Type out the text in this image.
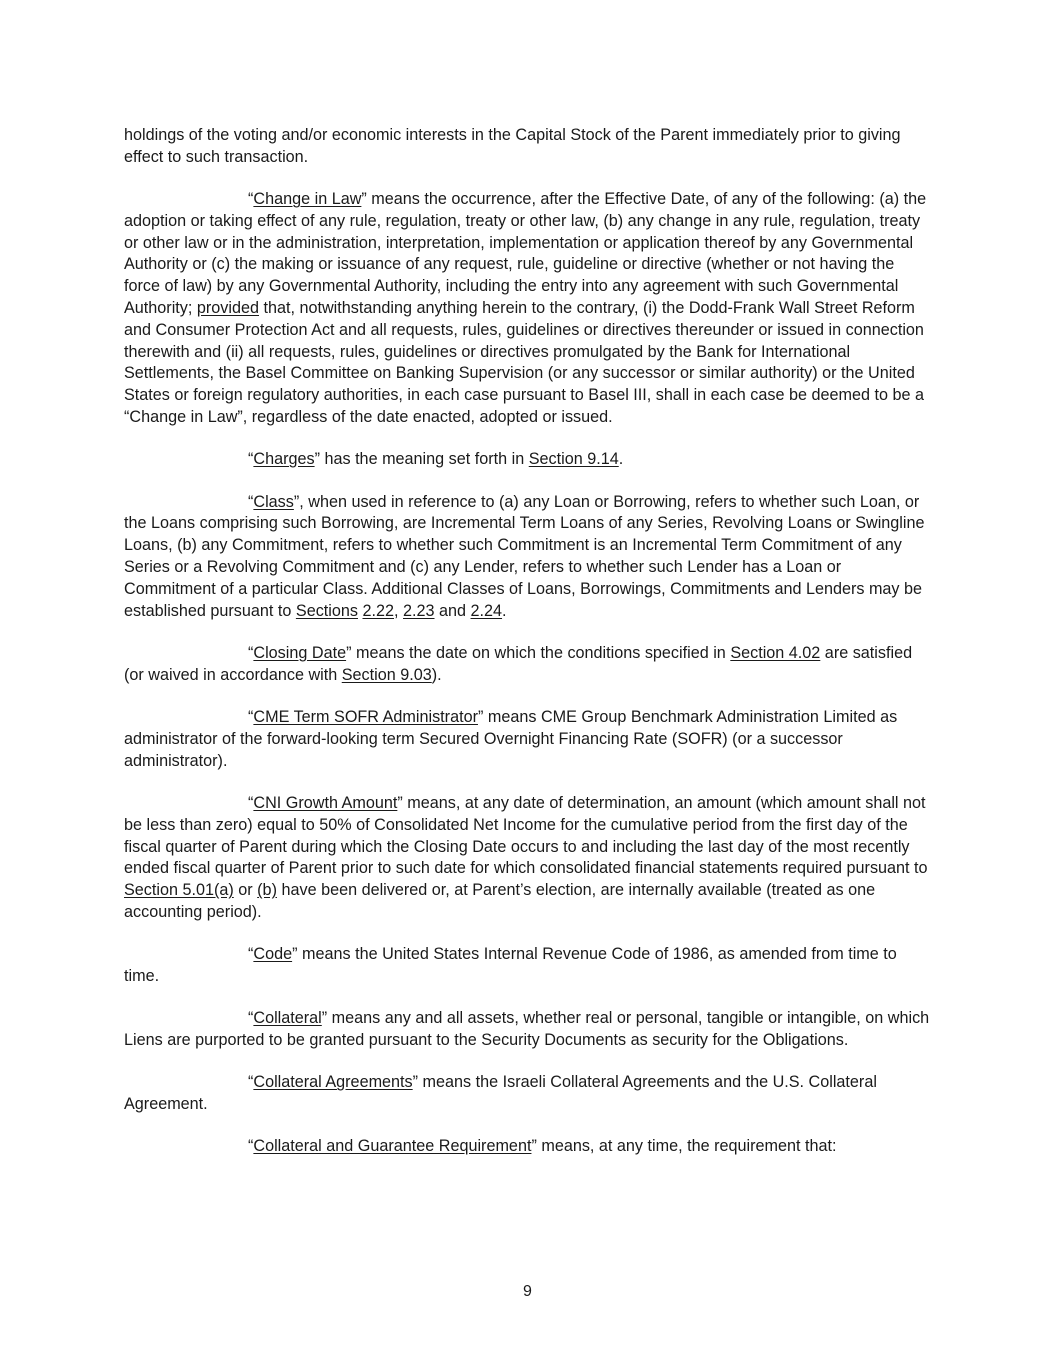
holdings of the voting and/or economic interests in the Capital Stock of the Parent immediately prior to giving effect to such transaction.

“Change in Law” means the occurrence, after the Effective Date, of any of the following: (a) the adoption or taking effect of any rule, regulation, treaty or other law, (b) any change in any rule, regulation, treaty or other law or in the administration, interpretation, implementation or application thereof by any Governmental Authority or (c) the making or issuance of any request, rule, guideline or directive (whether or not having the force of law) by any Governmental Authority, including the entry into any agreement with such Governmental Authority; provided that, notwithstanding anything herein to the contrary, (i) the Dodd-Frank Wall Street Reform and Consumer Protection Act and all requests, rules, guidelines or directives thereunder or issued in connection therewith and (ii) all requests, rules, guidelines or directives promulgated by the Bank for International Settlements, the Basel Committee on Banking Supervision (or any successor or similar authority) or the United States or foreign regulatory authorities, in each case pursuant to Basel III, shall in each case be deemed to be a “Change in Law”, regardless of the date enacted, adopted or issued.

“Charges” has the meaning set forth in Section 9.14.

“Class”, when used in reference to (a) any Loan or Borrowing, refers to whether such Loan, or the Loans comprising such Borrowing, are Incremental Term Loans of any Series, Revolving Loans or Swingline Loans, (b) any Commitment, refers to whether such Commitment is an Incremental Term Commitment of any Series or a Revolving Commitment and (c) any Lender, refers to whether such Lender has a Loan or Commitment of a particular Class. Additional Classes of Loans, Borrowings, Commitments and Lenders may be established pursuant to Sections 2.22, 2.23 and 2.24.

“Closing Date” means the date on which the conditions specified in Section 4.02 are satisfied (or waived in accordance with Section 9.03).

“CME Term SOFR Administrator” means CME Group Benchmark Administration Limited as administrator of the forward-looking term Secured Overnight Financing Rate (SOFR) (or a successor administrator).

“CNI Growth Amount” means, at any date of determination, an amount (which amount shall not be less than zero) equal to 50% of Consolidated Net Income for the cumulative period from the first day of the fiscal quarter of Parent during which the Closing Date occurs to and including the last day of the most recently ended fiscal quarter of Parent prior to such date for which consolidated financial statements required pursuant to Section 5.01(a) or (b) have been delivered or, at Parent’s election, are internally available (treated as one accounting period).

“Code” means the United States Internal Revenue Code of 1986, as amended from time to time.

“Collateral” means any and all assets, whether real or personal, tangible or intangible, on which Liens are purported to be granted pursuant to the Security Documents as security for the Obligations.

“Collateral Agreements” means the Israeli Collateral Agreements and the U.S. Collateral Agreement.

“Collateral and Guarantee Requirement” means, at any time, the requirement that:

9
